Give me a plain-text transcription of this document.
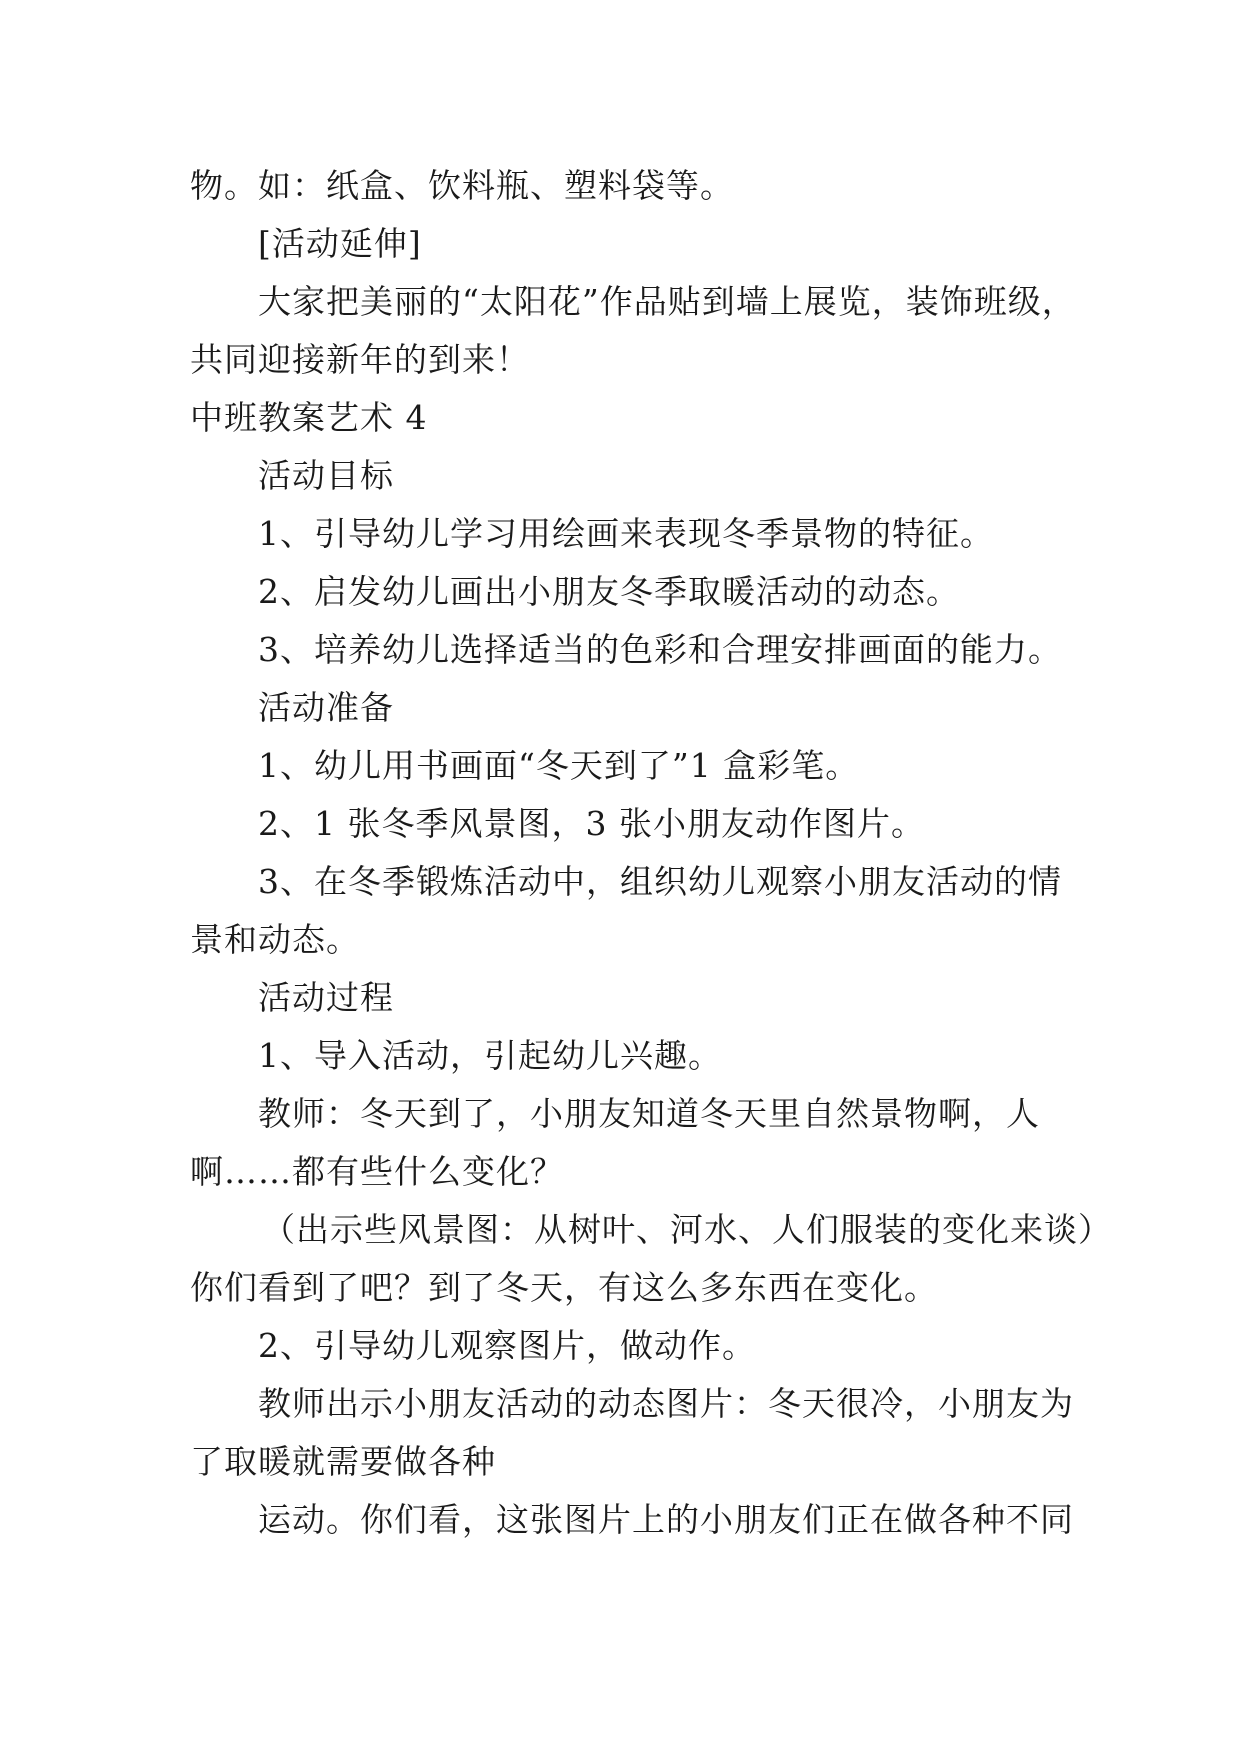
物。如：纸盒、饮料瓶、塑料袋等。
[活动延伸]
大家把美丽的“太阳花”作品贴到墙上展览，装饰班级，
共同迎接新年的到来！
中班教案艺术 4
活动目标
1、引导幼儿学习用绘画来表现冬季景物的特征。
2、启发幼儿画出小朋友冬季取暖活动的动态。
3、培养幼儿选择适当的色彩和合理安排画面的能力。
活动准备
1、幼儿用书画面“冬天到了”1 盒彩笔。
2、1 张冬季风景图，3 张小朋友动作图片。
3、在冬季锻炼活动中，组织幼儿观察小朋友活动的情
景和动态。
活动过程
1、导入活动，引起幼儿兴趣。
教师：冬天到了，小朋友知道冬天里自然景物啊，人
啊……都有些什么变化？
（出示些风景图：从树叶、河水、人们服装的变化来谈）
你们看到了吧？到了冬天，有这么多东西在变化。
2、引导幼儿观察图片，做动作。
教师出示小朋友活动的动态图片：冬天很冷，小朋友为
了取暖就需要做各种
运动。你们看，这张图片上的小朋友们正在做各种不同
